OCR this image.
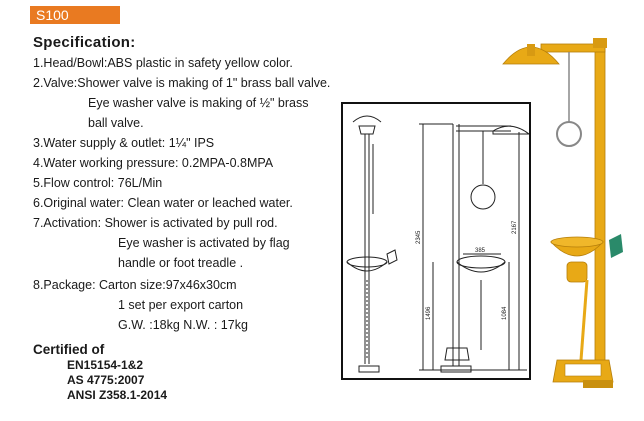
S100
Specification:
1.Head/Bowl:ABS plastic in safety yellow color.
2.Valve:Shower valve is making of 1" brass ball valve.
Eye washer valve is making of ½" brass
ball valve.
3.Water supply & outlet: 1¼" IPS
4.Water working pressure: 0.2MPA-0.8MPA
5.Flow control: 76L/Min
6.Original water: Clean water or leached water.
7.Activation: Shower is activated by pull rod.
Eye washer is activated by flag
handle or foot treadle .
8.Package: Carton size:97x46x30cm
1 set per export carton
G.W. :18kg N.W. : 17kg
Certified of
EN15154-1&2
AS 4775:2007
ANSI Z358.1-2014
2345
2167
1496	1084
385
